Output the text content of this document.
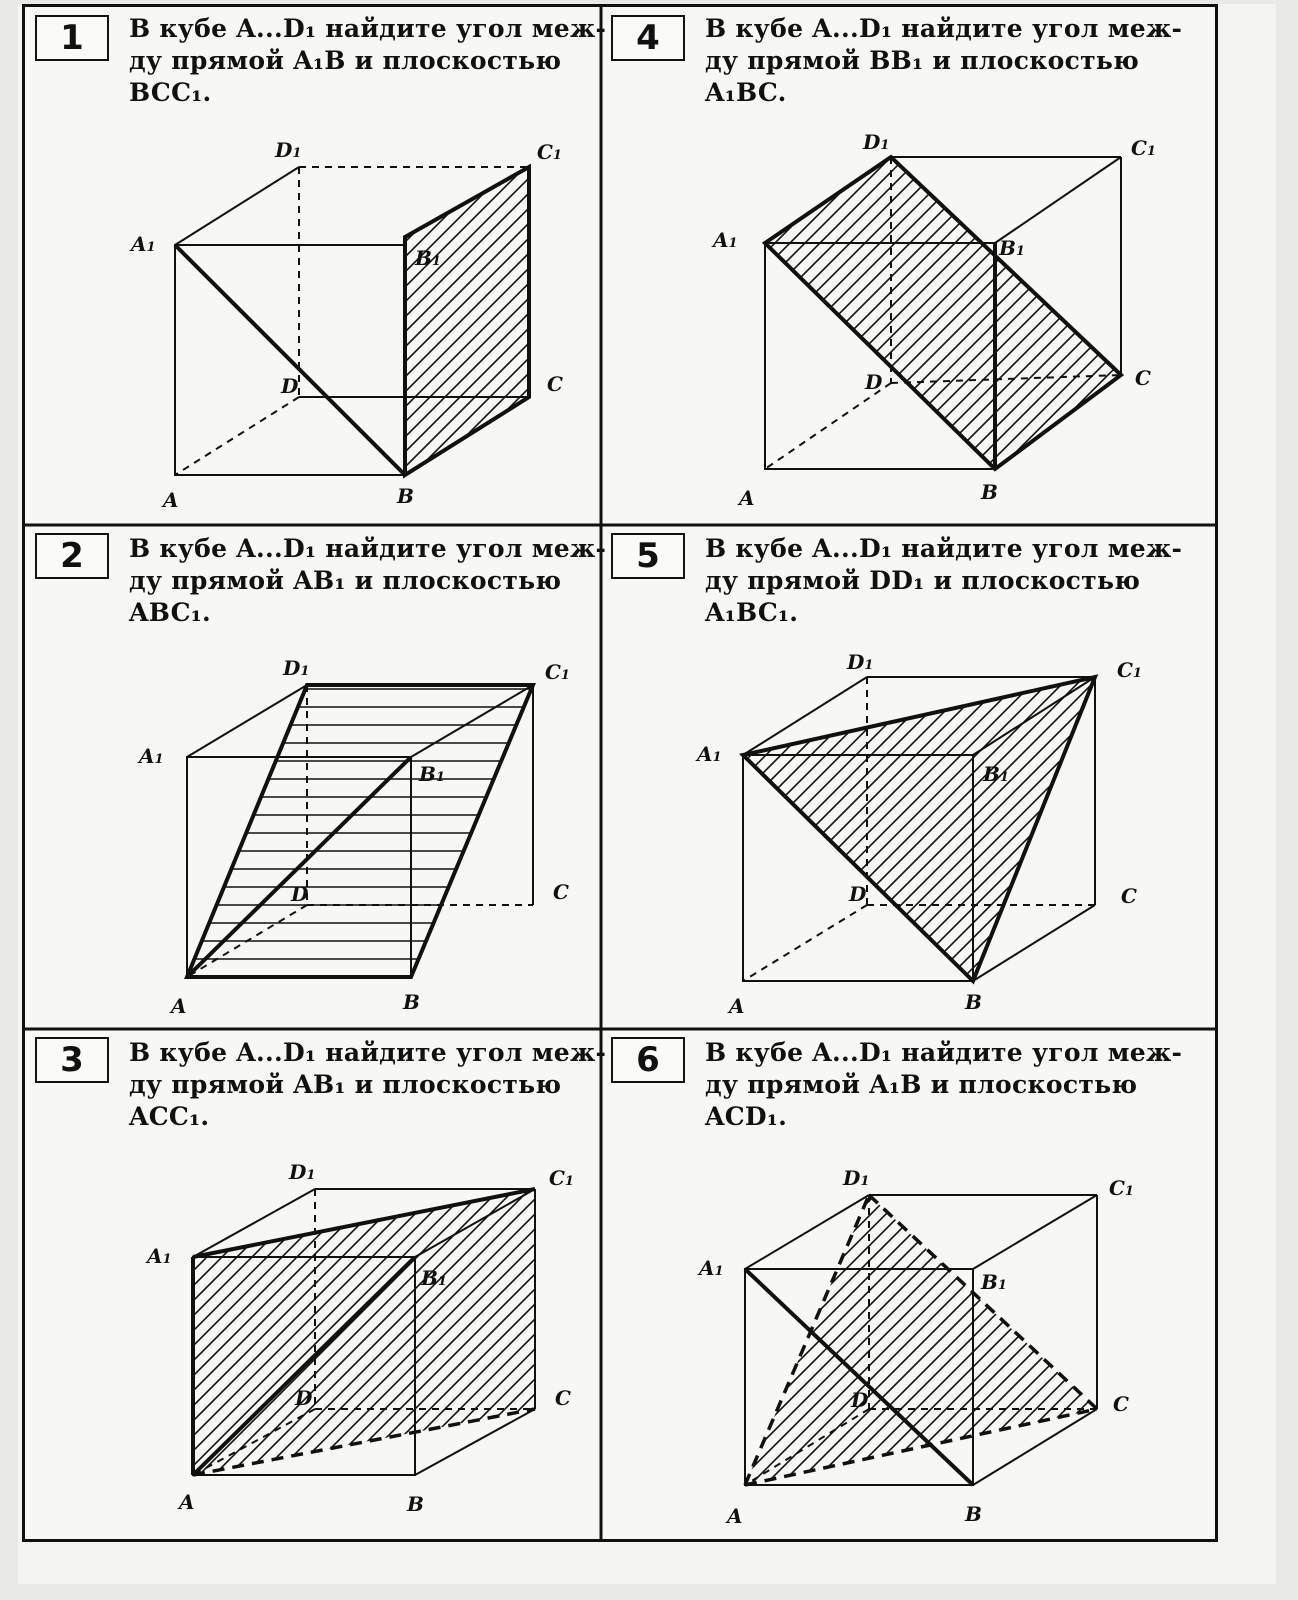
1	В кубе A...D₁ найдите угол меж-ду прямой A₁B и плоскостью BCC₁.
D1	C1
A1	B1
D	C
A	B
4	В кубе A...D₁ найдите угол меж-ду прямой BB₁ и плоскостью A₁BC.
D1	C1
A1	B1
D	C
A	B
2	В кубе A...D₁ найдите угол меж-ду прямой AB₁ и плоскостью ABC₁.
D1	C1
A1
B1
D	C
A	B
5	В кубе A...D₁ найдите угол меж-ду прямой DD₁ и плоскостью A₁BC₁.
D1	C1
A1
B1
D	C
A	B
3	В кубе A...D₁ найдите угол меж-ду прямой AB₁ и плоскостью ACC₁.
D1	C1
A1
B1
D	C
A	B
6	В кубе A...D₁ найдите угол меж-ду прямой A₁B и плоскостью ACD₁.
D1	C1
A1	B1
D	C
A	B
